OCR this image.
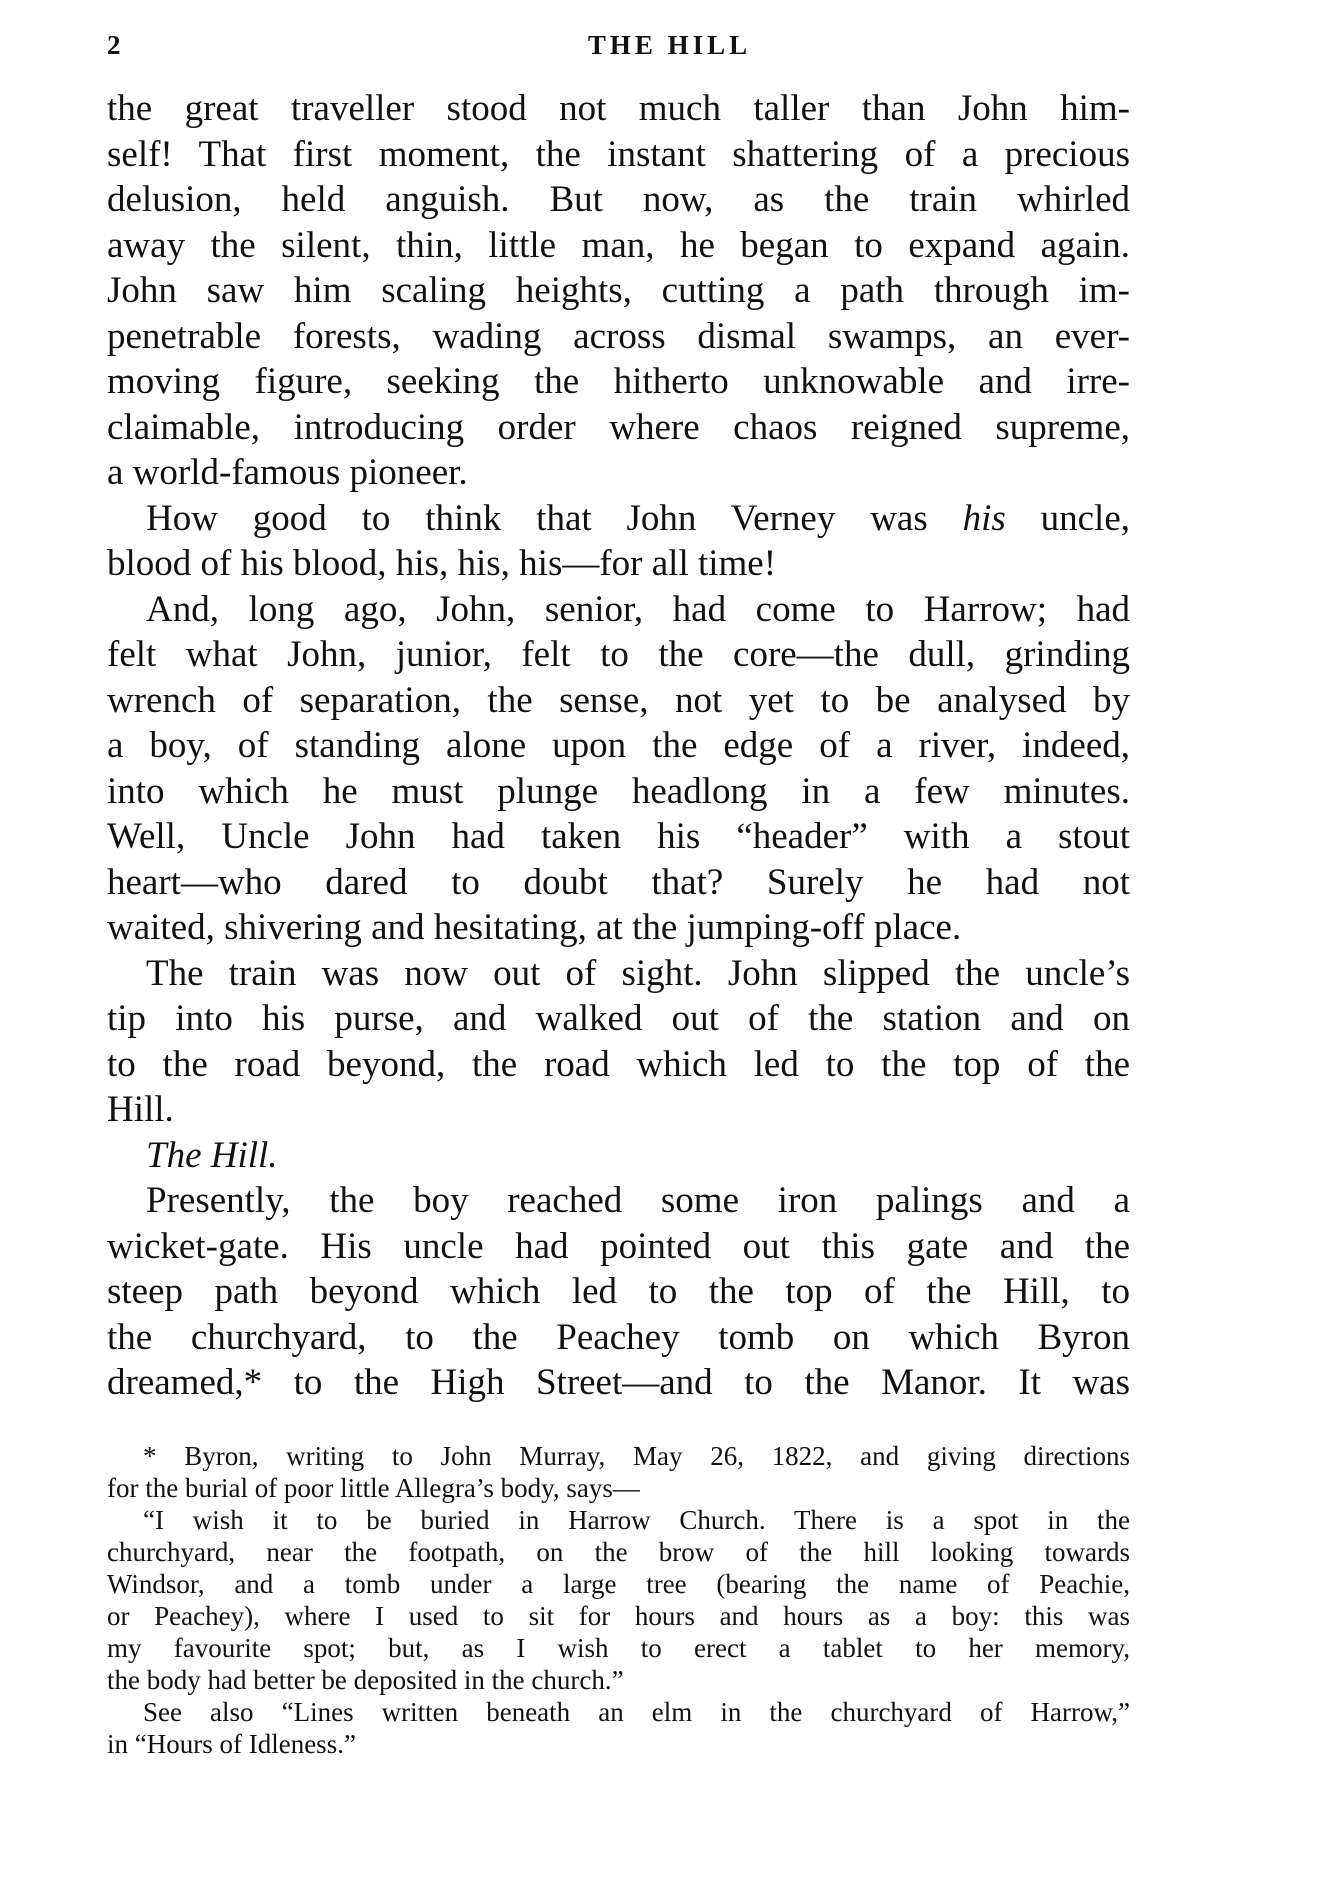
2	THE HILL
the great traveller stood not much taller than John him-
self! That first moment, the instant shattering of a precious
delusion, held anguish. But now, as the train whirled
away the silent, thin, little man, he began to expand again.
John saw him scaling heights, cutting a path through im-
penetrable forests, wading across dismal swamps, an ever-
moving figure, seeking the hitherto unknowable and irre-
claimable, introducing order where chaos reigned supreme,
a world-famous pioneer.
How good to think that John Verney was his uncle,
blood of his blood, his, his, his—for all time!
And, long ago, John, senior, had come to Harrow; had
felt what John, junior, felt to the core—the dull, grinding
wrench of separation, the sense, not yet to be analysed by
a boy, of standing alone upon the edge of a river, indeed,
into which he must plunge headlong in a few minutes.
Well, Uncle John had taken his “header” with a stout
heart—who dared to doubt that? Surely he had not
waited, shivering and hesitating, at the jumping-off place.
The train was now out of sight. John slipped the uncle’s
tip into his purse, and walked out of the station and on
to the road beyond, the road which led to the top of the
Hill.
The Hill.
Presently, the boy reached some iron palings and a
wicket-gate. His uncle had pointed out this gate and the
steep path beyond which led to the top of the Hill, to
the churchyard, to the Peachey tomb on which Byron
dreamed,* to the High Street—and to the Manor. It was
* Byron, writing to John Murray, May 26, 1822, and giving directions
for the burial of poor little Allegra’s body, says—
“I wish it to be buried in Harrow Church. There is a spot in the
churchyard, near the footpath, on the brow of the hill looking towards
Windsor, and a tomb under a large tree (bearing the name of Peachie,
or Peachey), where I used to sit for hours and hours as a boy: this was
my favourite spot; but, as I wish to erect a tablet to her memory,
the body had better be deposited in the church.”
See also “Lines written beneath an elm in the churchyard of Harrow,”
in “Hours of Idleness.”
